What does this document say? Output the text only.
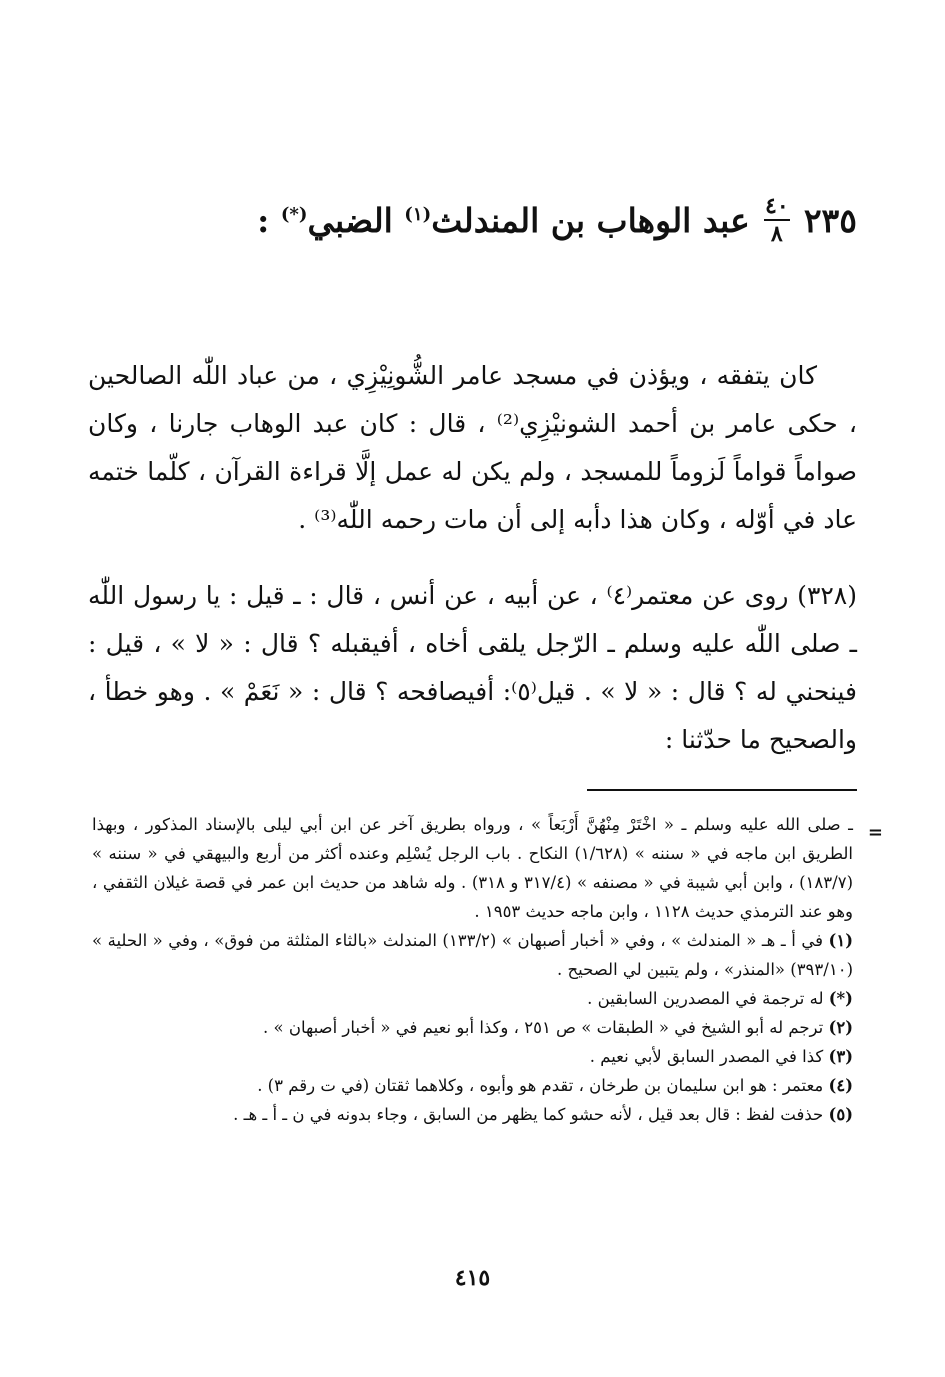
٢٣٥
$\frac{٤٠}{٨}$
عبد الوهاب بن المندلث$^{(١)}$ الضبي(*) :
كان يتفقه ، ويؤذن في مسجد عامر الشُّونِيْزِي ، من عباد اللّٰه الصالحين ، حكى عامر بن أحمد الشونيْزِي⁽²⁾ ، قال : كان عبد الوهاب جارنا ، وكان صواماً قواماً لَزوماً للمسجد ، ولم يكن له عمل إلَّا قراءة القرآن ، كلّما ختمه عاد في أوّله ، وكان هذا دأبه إلى أن مات رحمه اللّٰه⁽³⁾ .
(٣٢٨) روى عن معتمر⁽٤⁾ ، عن أبيه ، عن أنس ، قال : ـ قيل : يا رسول اللّٰه ـ صلى اللّٰه عليه وسلم ـ الرّجل يلقى أخاه ، أفيقبله ؟ قال : « لا » ، قيل : فينحني له ؟ قال : « لا » . قيل⁽٥⁾: أفيصافحه ؟ قال : « نَعَمْ » . وهو خطأ ، والصحيح ما حدّثنا :
=

ـ صلى الله عليه وسلم ـ « اخْتَرْ مِنْهُنَّ أَرْبَعاً » ، ورواه بطريق آخر عن ابن أبي ليلى بالإسناد المذكور ، وبهذا الطريق ابن ماجه في « سننه » (١/٦٢٨) النكاح . باب الرجل يُسْلِم وعنده أكثر من أربع والبيهقي في « سننه » (١٨٣/٧) ، وابن أبي شيبة في « مصنفه » (٣١٧/٤ و ٣١٨) . وله شاهد من حديث ابن عمر في قصة غيلان الثقفي ، وهو عند الترمذي حديث ١١٢٨ ، وابن ماجه حديث ١٩٥٣ .

(١) في أ ـ هـ « المندلث » ، وفي « أخبار أصبهان » (١٣٣/٢) المندلث «بالثاء المثلثة من فوق» ، وفي « الحلية » (٣٩٣/١٠) «المنذر» ، ولم يتبين لي الصحيح .

(*) له ترجمة في المصدرين السابقين .

(٢) ترجم له أبو الشيخ في « الطبقات » ص ٢٥١ ، وكذا أبو نعيم في « أخبار أصبهان » .

(٣) كذا في المصدر السابق لأبي نعيم .

(٤) معتمر : هو ابن سليمان بن طرخان ، تقدم هو وأبوه ، وكلاهما ثقتان (في ت رقم ٣) .

(٥) حذفت لفظ : قال بعد قيل ، لأنه حشو كما يظهر من السابق ، وجاء بدونه في ن ـ أ ـ هـ .

٤١٥
